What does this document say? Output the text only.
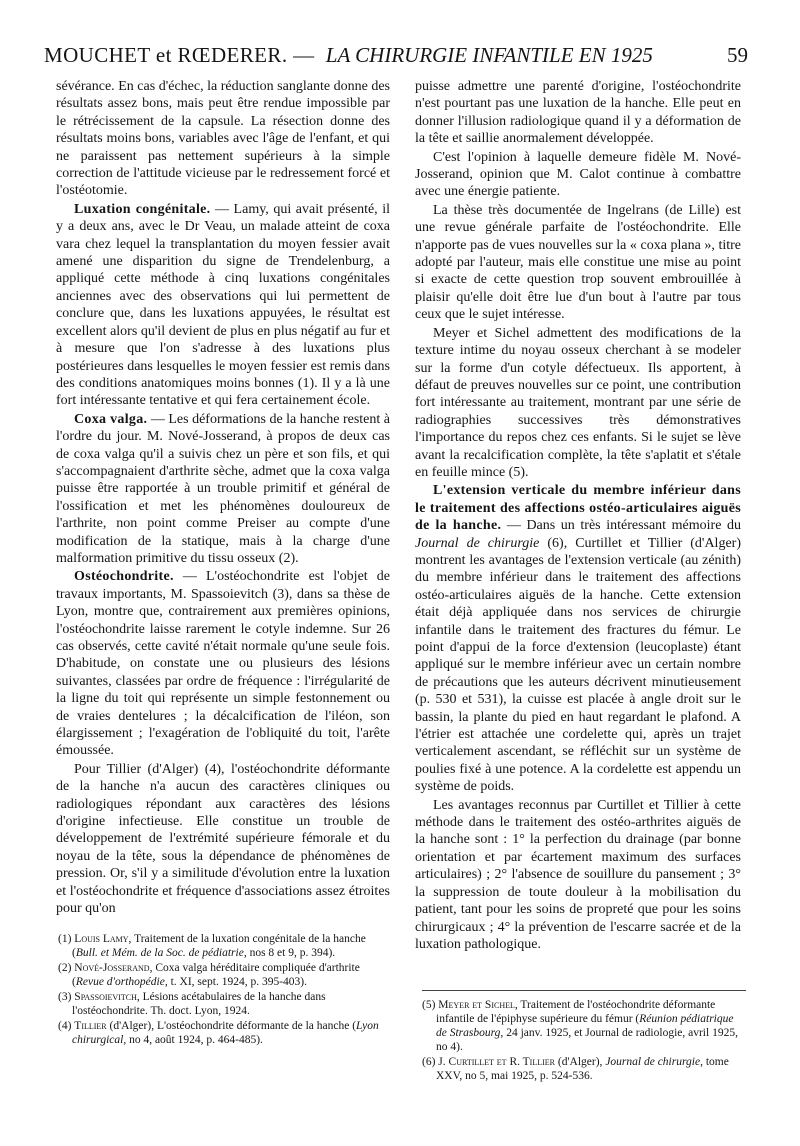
MOUCHET et RŒDERER. — LA CHIRURGIE INFANTILE EN 1925	59

sévérance. En cas d'échec, la réduction sanglante donne des résultats assez bons, mais peut être rendue impossible par le rétrécissement de la capsule. La résection donne des résultats moins bons, variables avec l'âge de l'enfant, et qui ne paraissent pas nettement supérieurs à la simple correction de l'attitude vicieuse par le redressement forcé et l'ostéotomie.

Luxation congénitale. — Lamy, qui avait présenté, il y a deux ans, avec le Dr Veau, un malade atteint de coxa vara chez lequel la transplantation du moyen fessier avait amené une disparition du signe de Trendelenburg, a appliqué cette méthode à cinq luxations congénitales anciennes avec des observations qui lui permettent de conclure que, dans les luxations appuyées, le résultat est excellent alors qu'il devient de plus en plus négatif au fur et à mesure que l'on s'adresse à des luxations plus postérieures dans lesquelles le moyen fessier est remis dans des conditions anatomiques moins bonnes (1). Il y a là une fort intéressante tentative et qui fera certainement école.

Coxa valga. — Les déformations de la hanche restent à l'ordre du jour. M. Nové-Josserand, à propos de deux cas de coxa valga qu'il a suivis chez un père et son fils, et qui s'accompagnaient d'arthrite sèche, admet que la coxa valga puisse être rapportée à un trouble primitif et général de l'ossification et met les phénomènes douloureux de l'arthrite, non point comme Preiser au compte d'une modification de la statique, mais à la charge d'une malformation primitive du tissu osseux (2).

Ostéochondrite. — L'ostéochondrite est l'objet de travaux importants, M. Spassoievitch (3), dans sa thèse de Lyon, montre que, contrairement aux premières opinions, l'ostéochondrite laisse rarement le cotyle indemne. Sur 26 cas observés, cette cavité n'était normale qu'une seule fois. D'habitude, on constate une ou plusieurs des lésions suivantes, classées par ordre de fréquence : l'irrégularité de la ligne du toit qui représente un simple festonnement ou de vraies dentelures ; la décalcification de l'iléon, son élargissement ; l'exagération de l'obliquité du toit, l'arête émoussée.

Pour Tillier (d'Alger) (4), l'ostéochondrite déformante de la hanche n'a aucun des caractères cliniques ou radiologiques répondant aux caractères des lésions d'origine infectieuse. Elle constitue un trouble de développement de l'extrémité supérieure fémorale et du noyau de la tête, sous la dépendance de phénomènes de pression. Or, s'il y a similitude d'évolution entre la luxation et l'ostéochondrite et fréquence d'associations assez étroites pour qu'on

puisse admettre une parenté d'origine, l'ostéochondrite n'est pourtant pas une luxation de la hanche. Elle peut en donner l'illusion radiologique quand il y a déformation de la tête et saillie anormalement développée.

C'est l'opinion à laquelle demeure fidèle M. Nové-Josserand, opinion que M. Calot continue à combattre avec une énergie patiente.

La thèse très documentée de Ingelrans (de Lille) est une revue générale parfaite de l'ostéochondrite. Elle n'apporte pas de vues nouvelles sur la « coxa plana », titre adopté par l'auteur, mais elle constitue une mise au point si exacte de cette question trop souvent embrouillée à plaisir qu'elle doit être lue d'un bout à l'autre par tous ceux que le sujet intéresse.

Meyer et Sichel admettent des modifications de la texture intime du noyau osseux cherchant à se modeler sur la forme d'un cotyle défectueux. Ils apportent, à défaut de preuves nouvelles sur ce point, une contribution fort intéressante au traitement, montrant par une série de radiographies successives très démonstratives l'importance du repos chez ces enfants. Si le sujet se lève avant la recalcification complète, la tête s'aplatit et s'étale en feuille mince (5).

L'extension verticale du membre inférieur dans le traitement des affections ostéo-articulaires aiguës de la hanche. — Dans un très intéressant mémoire du Journal de chirurgie (6), Curtillet et Tillier (d'Alger) montrent les avantages de l'extension verticale (au zénith) du membre inférieur dans le traitement des affections ostéo-articulaires aiguës de la hanche. Cette extension était déjà appliquée dans nos services de chirurgie infantile dans le traitement des fractures du fémur. Le point d'appui de la force d'extension (leucoplaste) étant appliqué sur le membre inférieur avec un certain nombre de précautions que les auteurs décrivent minutieusement (p. 530 et 531), la cuisse est placée à angle droit sur le bassin, la plante du pied en haut regardant le plafond. A l'étrier est attachée une cordelette qui, après un trajet verticalement ascendant, se réfléchit sur un système de poulies fixé à une potence. A la cordelette est appendu un système de poids.

Les avantages reconnus par Curtillet et Tillier à cette méthode dans le traitement des ostéo-arthrites aiguës de la hanche sont : 1° la perfection du drainage (par bonne orientation et par écartement maximum des surfaces articulaires) ; 2° l'absence de souillure du pansement ; 3° la suppression de toute douleur à la mobilisation du patient, tant pour les soins de propreté que pour les soins chirurgicaux ; 4° la prévention de l'escarre sacrée et de la luxation pathologique.

(1) Louis Lamy, Traitement de la luxation congénitale de la hanche (Bull. et Mém. de la Soc. de pédiatrie, nos 8 et 9, p. 394).

(2) Nové-Josserand, Coxa valga héréditaire compliquée d'arthrite (Revue d'orthopédie, t. XI, sept. 1924, p. 395-403).

(3) Spassoievitch, Lésions acétabulaires de la hanche dans l'ostéochondrite. Th. doct. Lyon, 1924.

(4) Tillier (d'Alger), L'ostéochondrite déformante de la hanche (Lyon chirurgical, no 4, août 1924, p. 464-485).

(5) Meyer et Sichel, Traitement de l'ostéochondrite déformante infantile de l'épiphyse supérieure du fémur (Réunion pédiatrique de Strasbourg, 24 janv. 1925, et Journal de radiologie, avril 1925, no 4).

(6) J. Curtillet et R. Tillier (d'Alger), Journal de chirurgie, tome XXV, no 5, mai 1925, p. 524-536.
